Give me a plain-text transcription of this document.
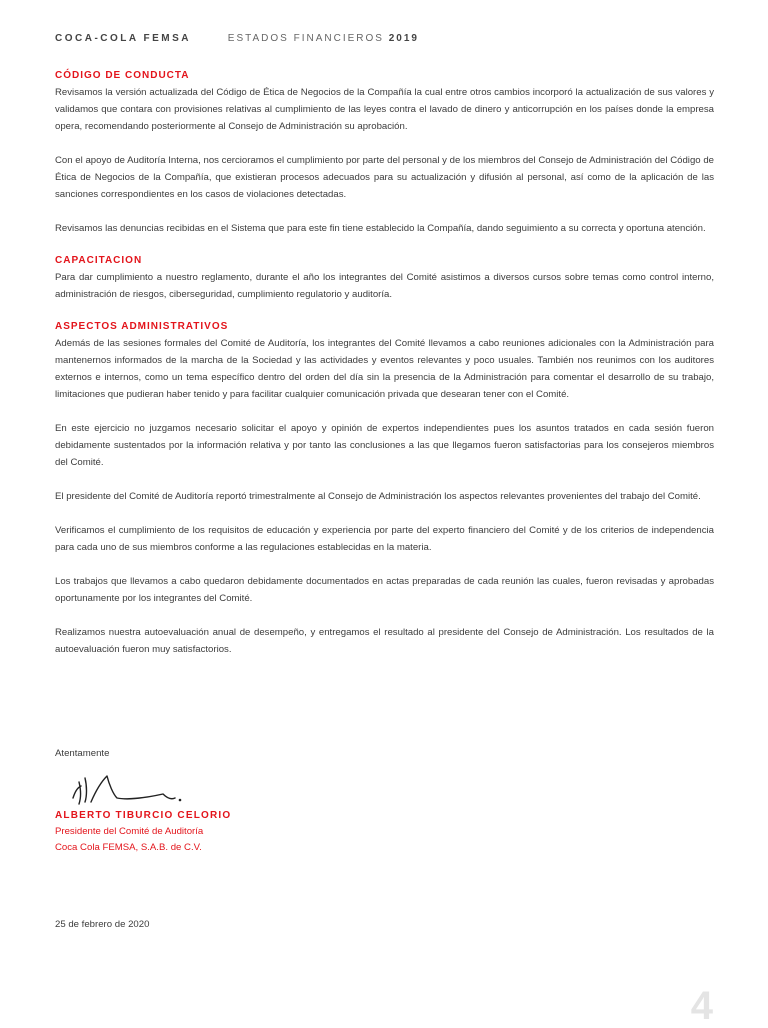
COCA-COLA FEMSA	ESTADOS FINANCIEROS 2019
CÓDIGO DE CONDUCTA

Revisamos la versión actualizada del Código de Ética de Negocios de la Compañía la cual entre otros cambios incorporó la actualización de sus valores y validamos que contara con provisiones relativas al cumplimiento de las leyes contra el lavado de dinero y anticorrupción en los países donde la empresa opera, recomendando posteriormente al Consejo de Administración su aprobación.

Con el apoyo de Auditoría Interna, nos cercioramos el cumplimiento por parte del personal y de los miembros del Consejo de Administración del Código de Ética de Negocios de la Compañía, que existieran procesos adecuados para su actualización y difusión al personal, así como de la aplicación de las sanciones correspondientes en los casos de violaciones detectadas.

Revisamos las denuncias recibidas en el Sistema que para este fin tiene establecido la Compañía, dando seguimiento a su correcta y oportuna atención.

CAPACITACION

Para dar cumplimiento a nuestro reglamento, durante el año los integrantes del Comité asistimos a diversos cursos sobre temas como control interno, administración de riesgos, ciberseguridad, cumplimiento regulatorio y auditoría.

ASPECTOS ADMINISTRATIVOS

Además de las sesiones formales del Comité de Auditoría, los integrantes del Comité llevamos a cabo reuniones adicionales con la Administración para mantenernos informados de la marcha de la Sociedad y las actividades y eventos relevantes y poco usuales. También nos reunimos con los auditores externos e internos, como un tema específico dentro del orden del día sin la presencia de la Administración para comentar el desarrollo de su trabajo, limitaciones que pudieran haber tenido y para facilitar cualquier comunicación privada que desearan tener con el Comité.

En este ejercicio no juzgamos necesario solicitar el apoyo y opinión de expertos independientes pues los asuntos tratados en cada sesión fueron debidamente sustentados por la información relativa y por tanto las conclusiones a las que llegamos fueron satisfactorias para los consejeros miembros del Comité.

El presidente del Comité de Auditoría reportó trimestralmente al Consejo de Administración los aspectos relevantes provenientes del trabajo del Comité.

Verificamos el cumplimiento de los requisitos de educación y experiencia por parte del experto financiero del Comité y de los criterios de independencia para cada uno de sus miembros conforme a las regulaciones establecidas en la materia.

Los trabajos que llevamos a cabo quedaron debidamente documentados en actas preparadas de cada reunión las cuales, fueron revisadas y aprobadas oportunamente por los integrantes del Comité.

Realizamos nuestra autoevaluación anual de desempeño, y entregamos el resultado al presidente del Consejo de Administración. Los resultados de la autoevaluación fueron muy satisfactorios.

Atentamente
ALBERTO TIBURCIO CELORIO
Presidente del Comité de Auditoría
Coca Cola FEMSA, S.A.B. de C.V.
25 de febrero de 2020
4
